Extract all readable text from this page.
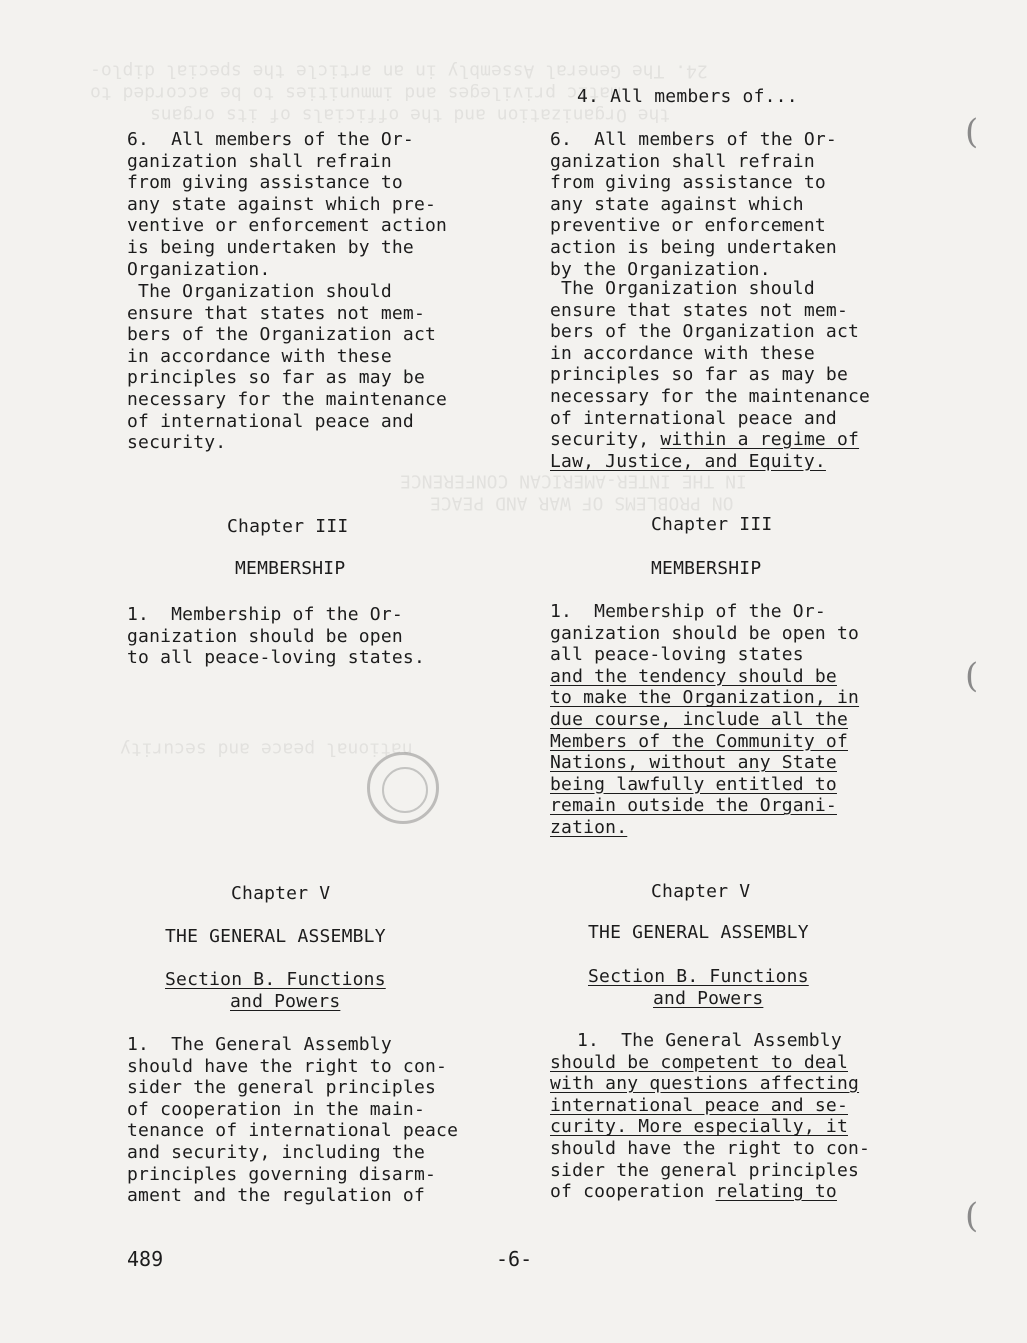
24. The General Assembly in an article the special diplo-
matic privileges and immunities to be accorded to
the Organization and the officials of its organs
IN THE INTER-AMERICAN CONFERENCE
ON PROBLEMS OF WAR AND PEACE
national peace and security
(
(
(
6.  All members of the Or-
ganization shall refrain
from giving assistance to
any state against which pre-
ventive or enforcement action
is being undertaken by the
Organization.
The Organization should
ensure that states not mem-
bers of the Organization act
in accordance with these
principles so far as may be
necessary for the maintenance
of international peace and
security.
Chapter III
MEMBERSHIP
1.  Membership of the Or-
ganization should be open
to all peace-loving states.
Chapter V
THE GENERAL ASSEMBLY
Section B. Functions
and Powers
1.  The General Assembly
should have the right to con-
sider the general principles
of cooperation in the main-
tenance of international peace
and security, including the
principles governing disarm-
ament and the regulation of
4. All members of...
6.  All members of the Or-
ganization shall refrain
from giving assistance to
any state against which
preventive or enforcement
action is being undertaken
by the Organization.
The Organization should
ensure that states not mem-
bers of the Organization act
in accordance with these
principles so far as may be
necessary for the maintenance
of international peace and
security, within a regime of
Law, Justice, and Equity.
Chapter III
MEMBERSHIP
1.  Membership of the Or-
ganization should be open to
all peace-loving states
and the tendency should be
to make the Organization, in
due course, include all the
Members of the Community of
Nations, without any State
being lawfully entitled to
remain outside the Organi-
zation.
Chapter V
THE GENERAL ASSEMBLY
Section B. Functions
and Powers
1.  The General Assembly
should be competent to deal
with any questions affecting
international peace and se-
curity. More especially, it
should have the right to con-
sider the general principles
of cooperation relating to
489	-6-
